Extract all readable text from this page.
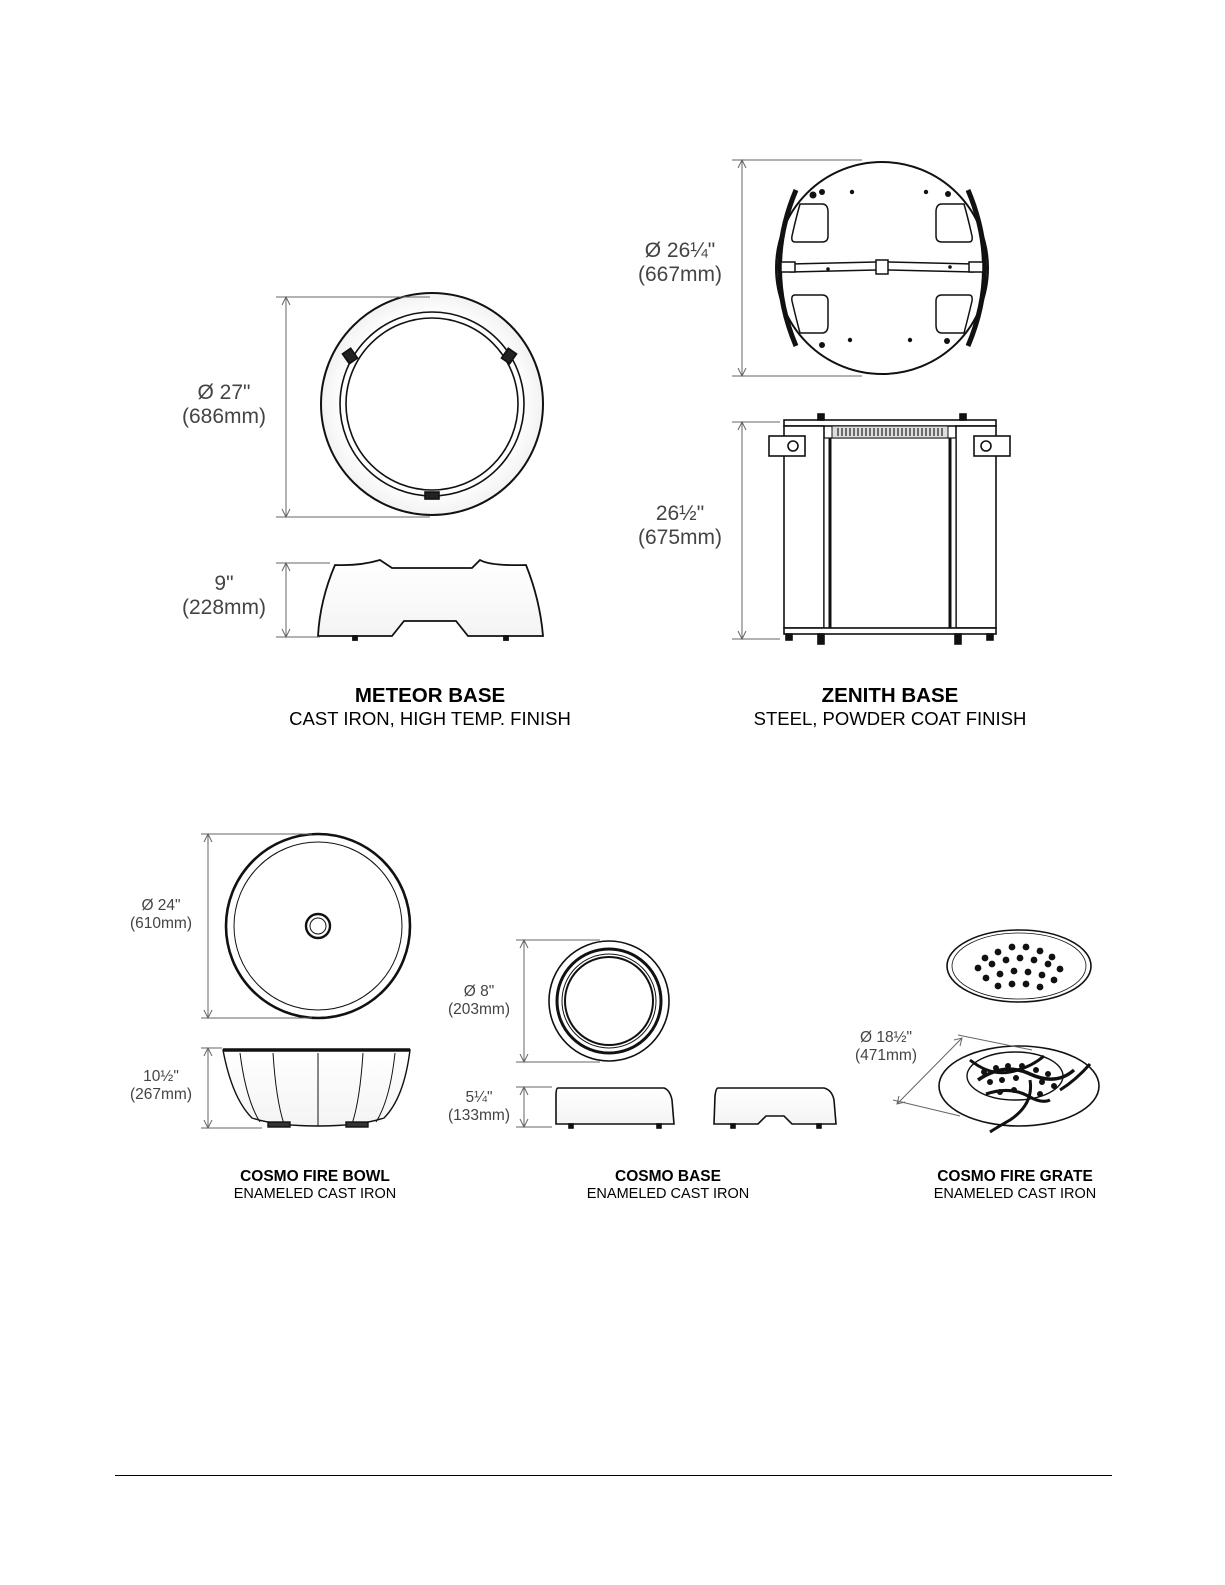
Ø 27"
(686mm)
9"
(228mm)
Ø 26¼"
(667mm)
26½"
(675mm)
Ø 24"
(610mm)
10½"
(267mm)
Ø 8"
(203mm)
5¼"
(133mm)
Ø 18½"
(471mm)
METEOR BASE
CAST IRON, HIGH TEMP. FINISH
ZENITH BASE
STEEL, POWDER COAT FINISH
COSMO FIRE BOWL
ENAMELED CAST IRON
COSMO BASE
ENAMELED CAST IRON
COSMO FIRE GRATE
ENAMELED CAST IRON
